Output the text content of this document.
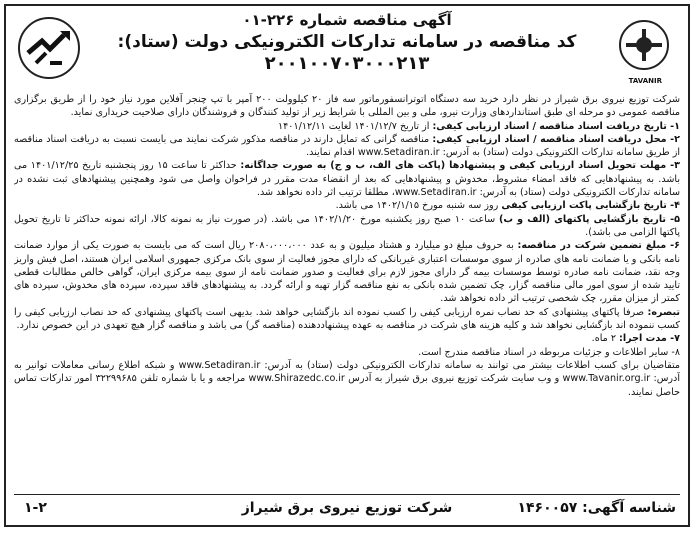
TAVANIR
آگهی مناقصه شماره ۲۲۶-۰۱
کد مناقصه در سامانه تدارکات الکترونیکی دولت (ستاد):
۲۰۰۱۰۰۷۰۳۰۰۰۲۱۳

شرکت توزیع نیروی برق شیراز در نظر دارد خرید سه دستگاه اتوترانسفورماتور سه فاز ۲۰ کیلوولت ۲۰۰ آمپر با تپ چنجر آفلاین مورد نیاز خود را از طریق برگزاری مناقصه عمومی دو مرحله ای طبق استانداردهای وزارت نیرو، ملی و بین المللی با شرایط زیر از تولید کنندگان و فروشندگان دارای صلاحیت خریداری نماید.

۱- تاریخ دریافت اسناد مناقصه / اسناد ارزیابی کیفی: از تاریخ ۱۴۰۱/۱۲/۷ لغایت ۱۴۰۱/۱۲/۱۱

۲- محل دریافت اسناد مناقصه / اسناد ارزیابی کیفی: مناقصه گرانی که تمایل دارند در مناقصه مذکور شرکت نمایند می بایست نسبت به دریافت اسناد مناقصه از طریق سامانه تدارکات الکترونیکی دولت (ستاد) به آدرس: www.Setadiran.ir اقدام نمایند.

۳- مهلت تحویل اسناد ارزیابی کیفی و پیشنهادها (پاکت های الف، ب و ج) به صورت جداگانه: حداکثر تا ساعت ۱۵ روز پنجشنبه تاریخ ۱۴۰۱/۱۲/۲۵ می باشد. به پیشنهادهایی که فاقد امضاء مشروط، مخدوش و پیشنهادهایی که بعد از انقضاء مدت مقرر در فراخوان واصل می شود وهمچنین پیشنهادهای ثبت نشده در سامانه تدارکات الکترونیکی دولت (ستاد) به آدرس: www.Setadiran.ir، مطلقا ترتیب اثر داده نخواهد شد.

۴- تاریخ بازگشایی پاکت ارزیابی کیفی روز سه شنبه مورخ ۱۴۰۲/۱/۱۵ می باشد.

۵- تاریخ بازگشایی پاکتهای (الف و ب) ساعت ۱۰ صبح روز یکشنبه مورخ ۱۴۰۲/۱/۲۰ می باشد. (در صورت نیاز به نمونه کالا، ارائه نمونه حداکثر تا تاریخ تحویل پاکتها الزامی می باشد).

۶- مبلغ تضمین شرکت در مناقصه: به حروف مبلغ دو میلیارد و هشتاد میلیون و به عدد ۲۰۸۰،۰۰۰،۰۰۰ ریال است که می بایست به صورت یکی از موارد ضمانت نامه بانکی و یا ضمانت نامه های صادره از سوی موسسات اعتباری غیربانکی که دارای مجوز فعالیت از سوی بانک مرکزی جمهوری اسلامی ایران هستند، اصل فیش واریز وجه نقد، ضمانت نامه صادره توسط موسسات بیمه گر دارای مجوز لازم برای فعالیت و صدور ضمانت نامه از سوی بیمه مرکزی ایران، گواهی خالص مطالبات قطعی تایید شده از سوی امور مالی مناقصه گزار، چک تضمین شده بانکی به نفع مناقصه گزار تهیه و ارائه گردد. به پیشنهادهای فاقد سپرده، سپرده های مخدوش، سپرده های کمتر از میزان مقرر، چک شخصی ترتیب اثر داده نخواهد شد.

تبصره: صرفا پاکتهای پیشنهادی که حد نصاب نمره ارزیابی کیفی را کسب نموده اند بازگشایی خواهد شد. بدیهی است پاکتهای پیشنهادی که حد نصاب ارزیابی کیفی را کسب ننموده اند بازگشایی نخواهد شد و کلیه هزینه های شرکت در مناقصه به عهده پیشنهاددهنده (مناقصه گر) می باشد و مناقصه گزار هیچ تعهدی در این خصوص ندارد.

۷- مدت اجرا: ۲ ماه.

۸- سایر اطلاعات و جزئیات مربوطه در اسناد مناقصه مندرج است.

متقاضیان برای کسب اطلاعات بیشتر می توانند به سامانه تدارکات الکترونیکی دولت (ستاد) به آدرس: www.Setadiran.ir و شبکه اطلاع رسانی معاملات توانیر به آدرس: www.Tavanir.org.ir و وب سایت شرکت توزیع نیروی برق شیراز به آدرس www.Shirazedc.co.ir مراجعه و یا با شماره تلفن ۳۲۲۹۹۶۸۵ امور تدارکات تماس حاصل نمایند.

شناسه آگهی: ۱۴۶۰۰۵۷
شرکت توزیع نیروی برق شیراز
۱-۲
